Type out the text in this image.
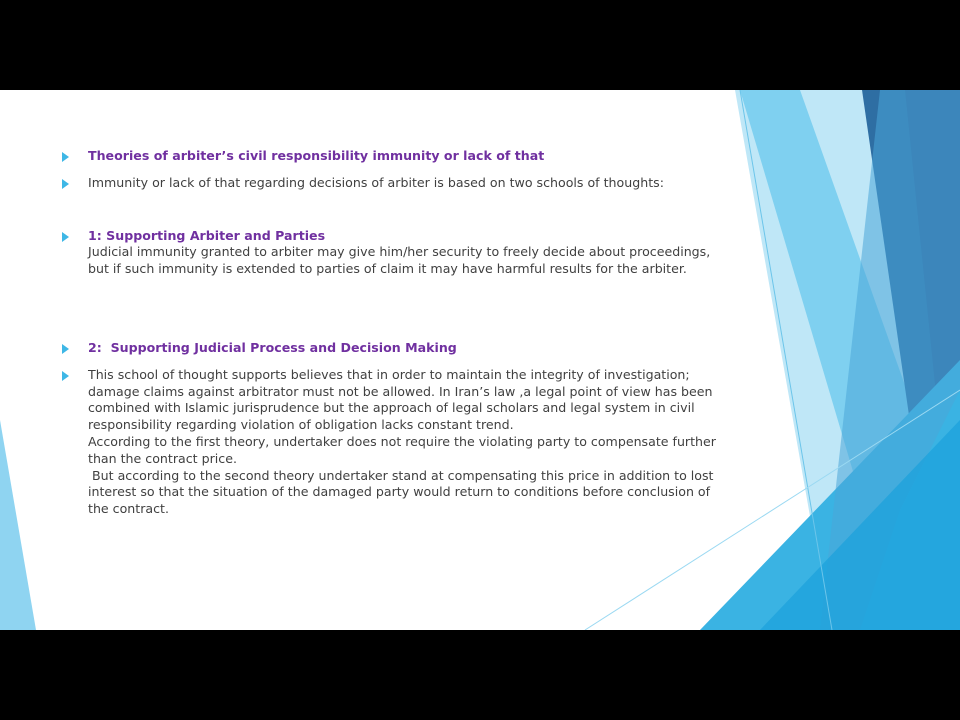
Theories of arbiter’s civil responsibility immunity or lack of that
Immunity or lack of that regarding decisions of arbiter is based on two schools of thoughts:
1: Supporting Arbiter and Parties
Judicial immunity granted to arbiter may give him/her security to freely decide about proceedings,
but if such immunity is extended to parties of claim it may have harmful results for the arbiter.
2:  Supporting Judicial Process and Decision Making
This school of thought supports believes that in order to maintain the integrity of investigation;
damage claims against arbitrator must not be allowed. In Iran’s law ,a legal point of view has been
combined with Islamic jurisprudence but the approach of legal scholars and legal system in civil
responsibility regarding violation of obligation lacks constant trend.
According to the first theory, undertaker does not require the violating party to compensate further
than the contract price.
But according to the second theory undertaker stand at compensating this price in addition to lost
interest so that the situation of the damaged party would return to conditions before conclusion of
the contract.
